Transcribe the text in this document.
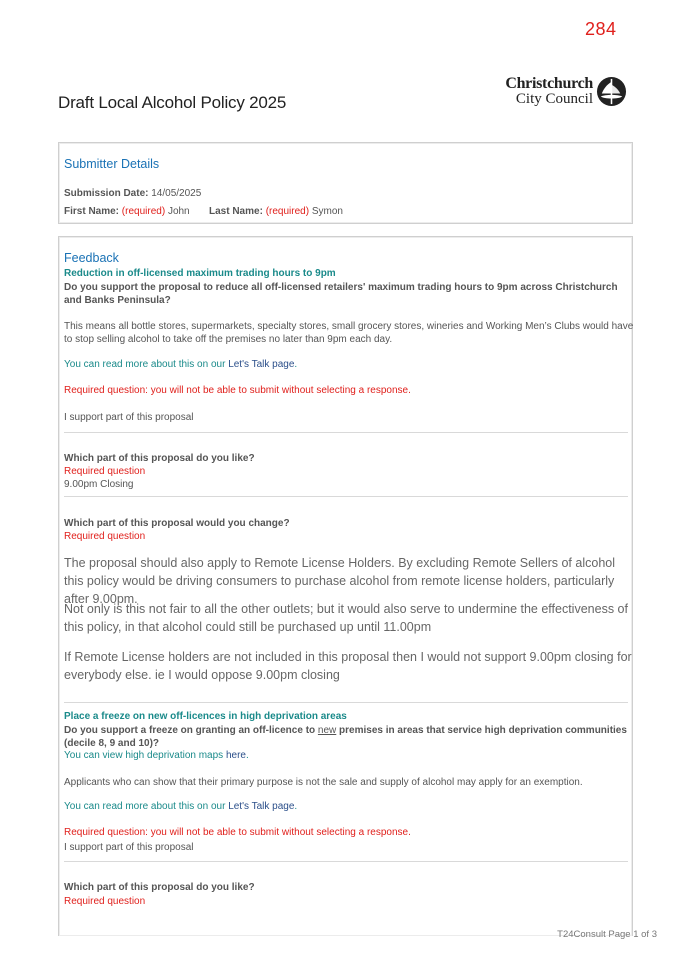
284
Draft Local Alcohol Policy 2025
Christchurch
City Council
Submitter Details
Submission Date: 14/05/2025
First Name: (required) John Last Name: (required) Symon
Feedback
Reduction in off-licensed maximum trading hours to 9pm
Do you support the proposal to reduce all off-licensed retailers' maximum trading hours to 9pm across Christchurch and Banks Peninsula?
This means all bottle stores, supermarkets, specialty stores, small grocery stores, wineries and Working Men’s Clubs would have to stop selling alcohol to take off the premises no later than 9pm each day.
You can read more about this on our Let's Talk page.
Required question: you will not be able to submit without selecting a response.
I support part of this proposal
Which part of this proposal do you like?
Required question
9.00pm Closing
Which part of this proposal would you change?
Required question
The proposal should also apply to Remote License Holders. By excluding Remote Sellers of alcohol this policy would be driving consumers to purchase alcohol from remote license holders, particularly after 9.00pm.
Not only is this not fair to all the other outlets; but it would also serve to undermine the effectiveness of this policy, in that alcohol could still be purchased up until 11.00pm
If Remote License holders are not included in this proposal then I would not support 9.00pm closing for everybody else. ie I would oppose 9.00pm closing
Place a freeze on new off-licences in high deprivation areas
Do you support a freeze on granting an off-licence to new premises in areas that service high deprivation communities (decile 8, 9 and 10)?
You can view high deprivation maps here.
Applicants who can show that their primary purpose is not the sale and supply of alcohol may apply for an exemption.
You can read more about this on our Let's Talk page.
Required question: you will not be able to submit without selecting a response.
I support part of this proposal
Which part of this proposal do you like?
Required question
T24Consult Page 1 of 3
